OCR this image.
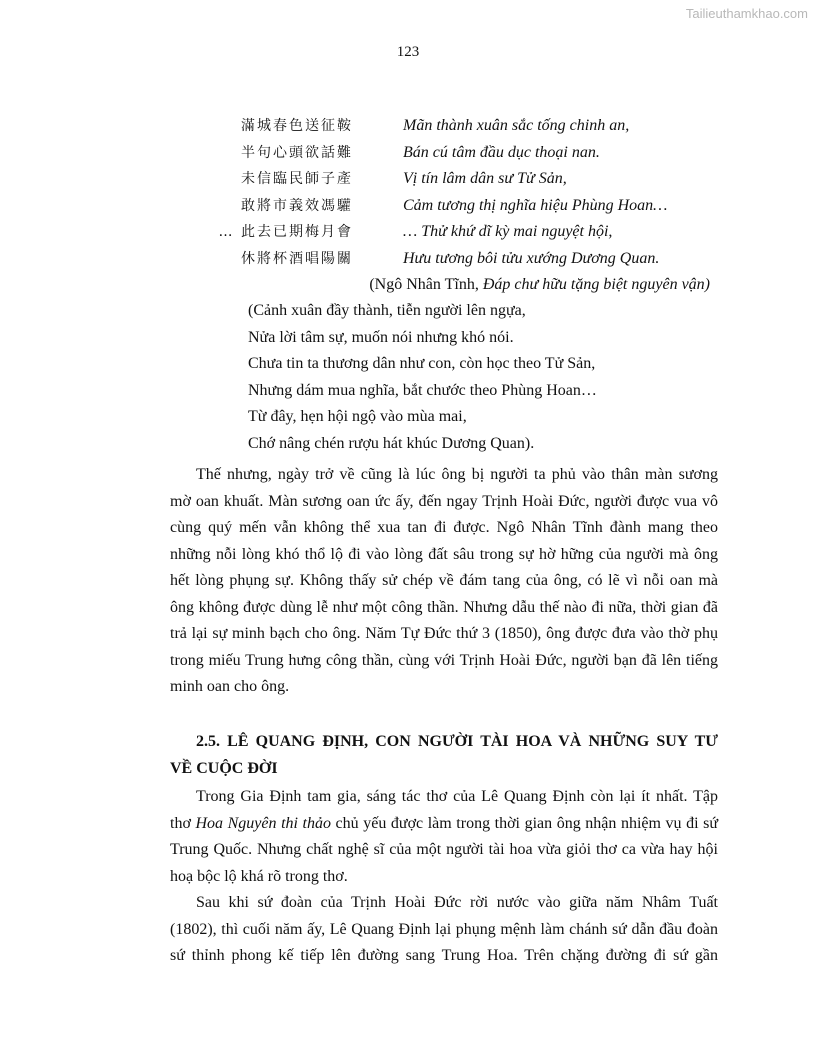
Tailieuthamkhao.com
123
滿城春色送征鞍	Mãn thành xuân sắc tống chinh an,
半句心頭欲話難	Bán cú tâm đầu dục thoại nan.
未信臨民師子產	Vị tín lâm dân sư Tử Sản,
敢將市義效馮驩	Cảm tương thị nghĩa hiệu Phùng Hoan…
… 此去已期梅月會	… Thử khứ dĩ kỳ mai nguyệt hội,
休將杯酒唱陽關	Hưu tương bôi tửu xướng Dương Quan.
(Ngô Nhân Tĩnh, Đáp chư hữu tặng biệt nguyên vận)
(Cảnh xuân đầy thành, tiễn người lên ngựa,
Nửa lời tâm sự, muốn nói nhưng khó nói.
Chưa tin ta thương dân như con, còn học theo Tử Sản,
Nhưng dám mua nghĩa, bắt chước theo Phùng Hoan…
Từ đây, hẹn hội ngộ vào mùa mai,
Chớ nâng chén rượu hát khúc Dương Quan).
Thế nhưng, ngày trở về cũng là lúc ông bị người ta phủ vào thân màn sương
mờ oan khuất. Màn sương oan ức ấy, đến ngay Trịnh Hoài Đức, người được vua vô
cùng quý mến vẫn không thể xua tan đi được. Ngô Nhân Tĩnh đành mang theo
những nỗi lòng khó thổ lộ đi vào lòng đất sâu trong sự hờ hững của người mà ông
hết lòng phụng sự. Không thấy sử chép về đám tang của ông, có lẽ vì nỗi oan mà
ông không được dùng lễ như một công thần. Nhưng dẫu thế nào đi nữa, thời gian đã
trả lại sự minh bạch cho ông. Năm Tự Đức thứ 3 (1850), ông được đưa vào thờ phụ
trong miếu Trung hưng công thần, cùng với Trịnh Hoài Đức, người bạn đã lên tiếng
minh oan cho ông.
2.5. LÊ QUANG ĐỊNH, CON NGƯỜI TÀI HOA VÀ NHỮNG SUY TƯ
VỀ CUỘC ĐỜI
Trong Gia Định tam gia, sáng tác thơ của Lê Quang Định còn lại ít nhất. Tập
thơ Hoa Nguyên thi thảo chủ yếu được làm trong thời gian ông nhận nhiệm vụ đi sứ
Trung Quốc. Nhưng chất nghệ sĩ của một người tài hoa vừa giỏi thơ ca vừa hay hội
hoạ bộc lộ khá rõ trong thơ.
Sau khi sứ đoàn của Trịnh Hoài Đức rời nước vào giữa năm Nhâm Tuất
(1802), thì cuối năm ấy, Lê Quang Định lại phụng mệnh làm chánh sứ dẫn đầu đoàn
sứ thỉnh phong kế tiếp lên đường sang Trung Hoa. Trên chặng đường đi sứ gần
